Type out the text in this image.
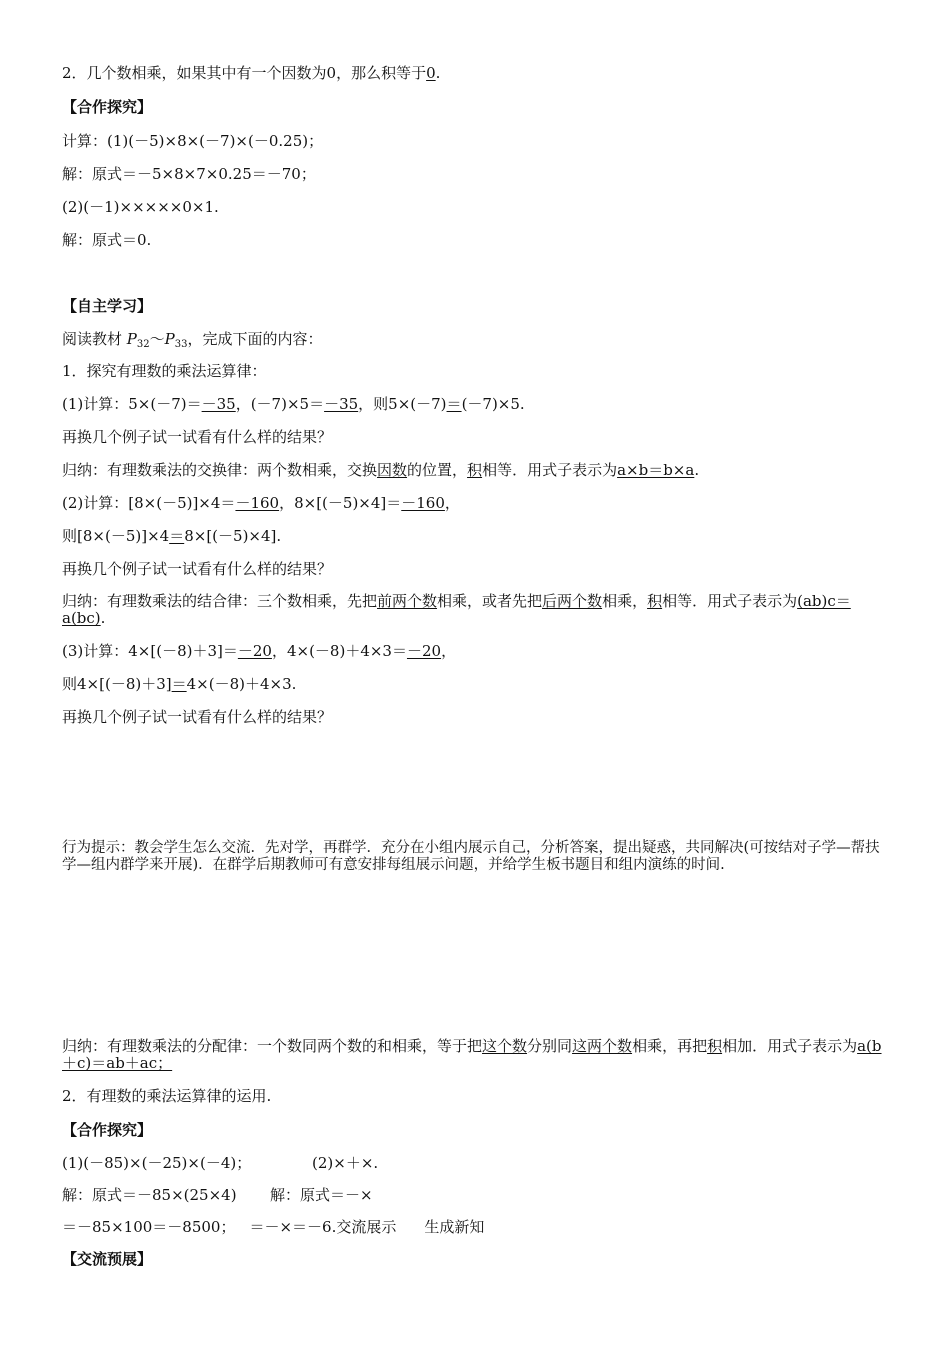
2．几个数相乘，如果其中有一个因数为0，那么积等于0.
【合作探究】
计算：(1)(－5)×8×(－7)×(－0.25)；
解：原式＝－5×8×7×0.25＝－70；
(2)(－1)×××××0×1.
解：原式＝0.
【自主学习】
阅读教材 $P_{32}\sim P_{33}$，完成下面的内容：
1．探究有理数的乘法运算律：
(1)计算：5×(－7)＝－35，(－7)×5＝－35，则5×(－7)＝(－7)×5.
再换几个例子试一试看有什么样的结果？
归纳：有理数乘法的交换律：两个数相乘，交换因数的位置，积相等．用式子表示为a×b＝b×a.
(2)计算：[8×(－5)]×4＝－160，8×[(－5)×4]＝－160，
则[8×(－5)]×4＝8×[(－5)×4].
再换几个例子试一试看有什么样的结果？
归纳：有理数乘法的结合律：三个数相乘，先把前两个数相乘，或者先把后两个数相乘，积相等．用式子表示为(ab)c＝a(bc).
(3)计算：4×[(－8)＋3]＝－20，4×(－8)＋4×3＝－20，
则4×[(－8)＋3]＝4×(－8)＋4×3.
再换几个例子试一试看有什么样的结果？
行为提示：教会学生怎么交流．先对学，再群学．充分在小组内展示自己，分析答案，提出疑惑，共同解决(可按结对子学—帮扶学—组内群学来开展)．在群学后期教师可有意安排每组展示问题，并给学生板书题目和组内演练的时间.
归纳：有理数乘法的分配律：一个数同两个数的和相乘，等于把这个数分别同这两个数相乘，再把积相加．用式子表示为a(b＋c)＝ab＋ac；
2．有理数的乘法运算律的运用.
【合作探究】
(1)(－85)×(－25)×(－4)；	(2)×＋×.
解：原式＝－85×(25×4) 解：原式＝－×
＝－85×100＝－8500； ＝－×＝－6.交流展示 生成新知
【交流预展】
